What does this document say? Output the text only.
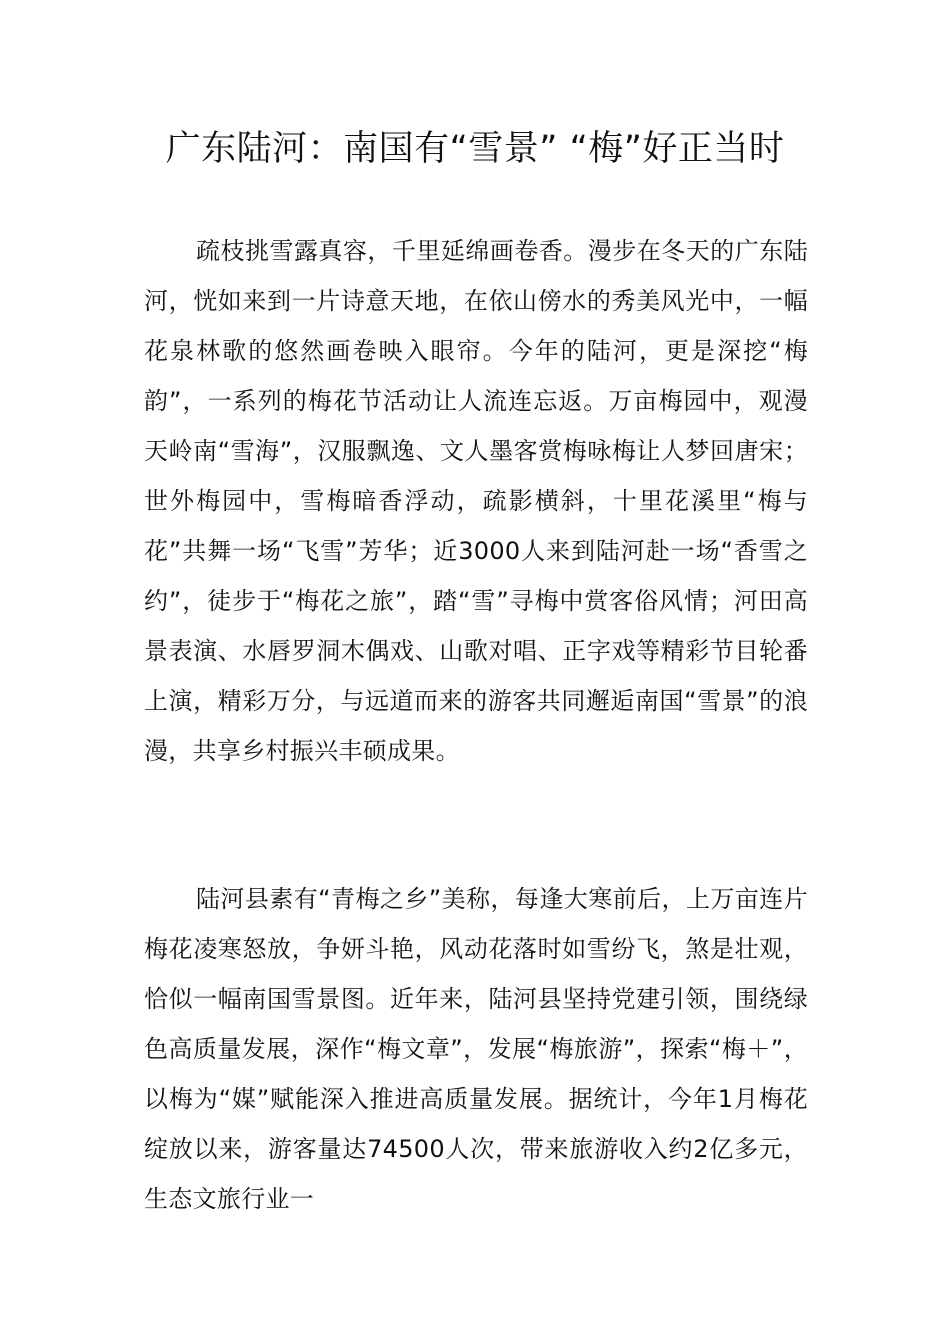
广东陆河：南国有“雪景” “梅”好正当时

疏枝挑雪露真容，千里延绵画卷香。漫步在冬天的广东陆河，恍如来到一片诗意天地，在依山傍水的秀美风光中，一幅花泉林歌的悠然画卷映入眼帘。今年的陆河，更是深挖“梅韵”，一系列的梅花节活动让人流连忘返。万亩梅园中，观漫天岭南“雪海”，汉服飘逸、文人墨客赏梅咏梅让人梦回唐宋；世外梅园中，雪梅暗香浮动，疏影横斜，十里花溪里“梅与花”共舞一场“飞雪”芳华；近3000人来到陆河赴一场“香雪之约”，徒步于“梅花之旅”，踏“雪”寻梅中赏客俗风情；河田高景表演、水唇罗洞木偶戏、山歌对唱、正字戏等精彩节目轮番上演，精彩万分，与远道而来的游客共同邂逅南国“雪景”的浪漫，共享乡村振兴丰硕成果。

陆河县素有“青梅之乡”美称，每逢大寒前后，上万亩连片梅花凌寒怒放，争妍斗艳，风动花落时如雪纷飞，煞是壮观，恰似一幅南国雪景图。近年来，陆河县坚持党建引领，围绕绿色高质量发展，深作“梅文章”，发展“梅旅游”，探索“梅＋”，以梅为“媒”赋能深入推进高质量发展。据统计，今年1月梅花绽放以来，游客量达74500人次，带来旅游收入约2亿多元，生态文旅行业一
